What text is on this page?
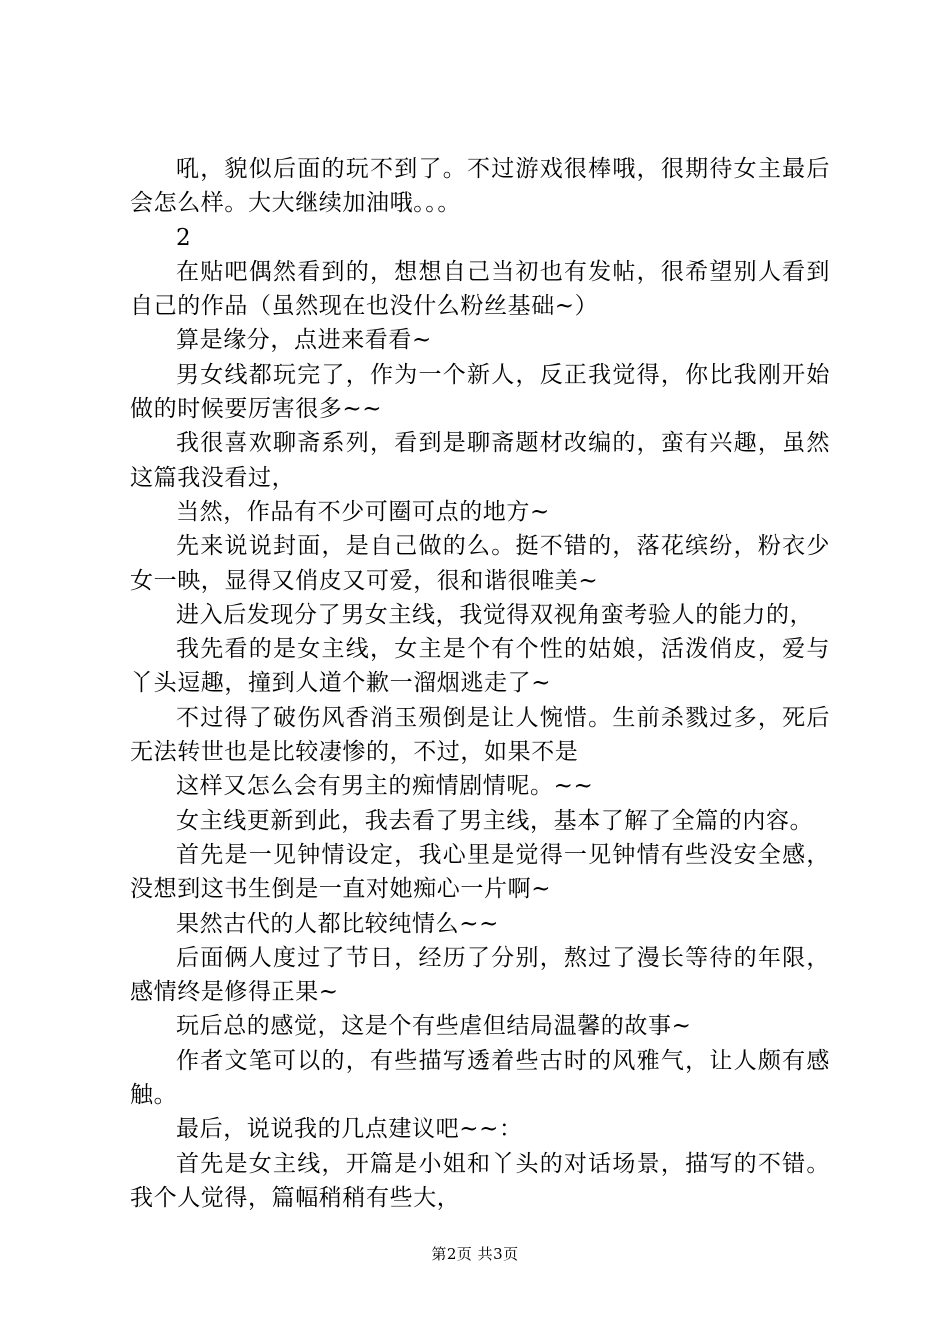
吼，貌似后面的玩不到了。不过游戏很棒哦，很期待女主最后会怎么样。大大继续加油哦。。。

2

在贴吧偶然看到的，想想自己当初也有发帖，很希望别人看到自己的作品（虽然现在也没什么粉丝基础~）

算是缘分，点进来看看~

男女线都玩完了，作为一个新人，反正我觉得，你比我刚开始做的时候要厉害很多~~

我很喜欢聊斋系列，看到是聊斋题材改编的，蛮有兴趣，虽然这篇我没看过，

当然，作品有不少可圈可点的地方~

先来说说封面，是自己做的么。挺不错的，落花缤纷，粉衣少女一映，显得又俏皮又可爱，很和谐很唯美~

进入后发现分了男女主线，我觉得双视角蛮考验人的能力的，

我先看的是女主线，女主是个有个性的姑娘，活泼俏皮，爱与丫头逗趣，撞到人道个歉一溜烟逃走了~

不过得了破伤风香消玉殒倒是让人惋惜。生前杀戮过多，死后无法转世也是比较凄惨的，不过，如果不是

这样又怎么会有男主的痴情剧情呢。~~

女主线更新到此，我去看了男主线，基本了解了全篇的内容。

首先是一见钟情设定，我心里是觉得一见钟情有些没安全感，没想到这书生倒是一直对她痴心一片啊~

果然古代的人都比较纯情么~~

后面俩人度过了节日，经历了分别，熬过了漫长等待的年限，感情终是修得正果~

玩后总的感觉，这是个有些虐但结局温馨的故事~

作者文笔可以的，有些描写透着些古时的风雅气，让人颇有感触。

最后，说说我的几点建议吧~~：

首先是女主线，开篇是小姐和丫头的对话场景，描写的不错。我个人觉得，篇幅稍稍有些大，

第2页 共3页
